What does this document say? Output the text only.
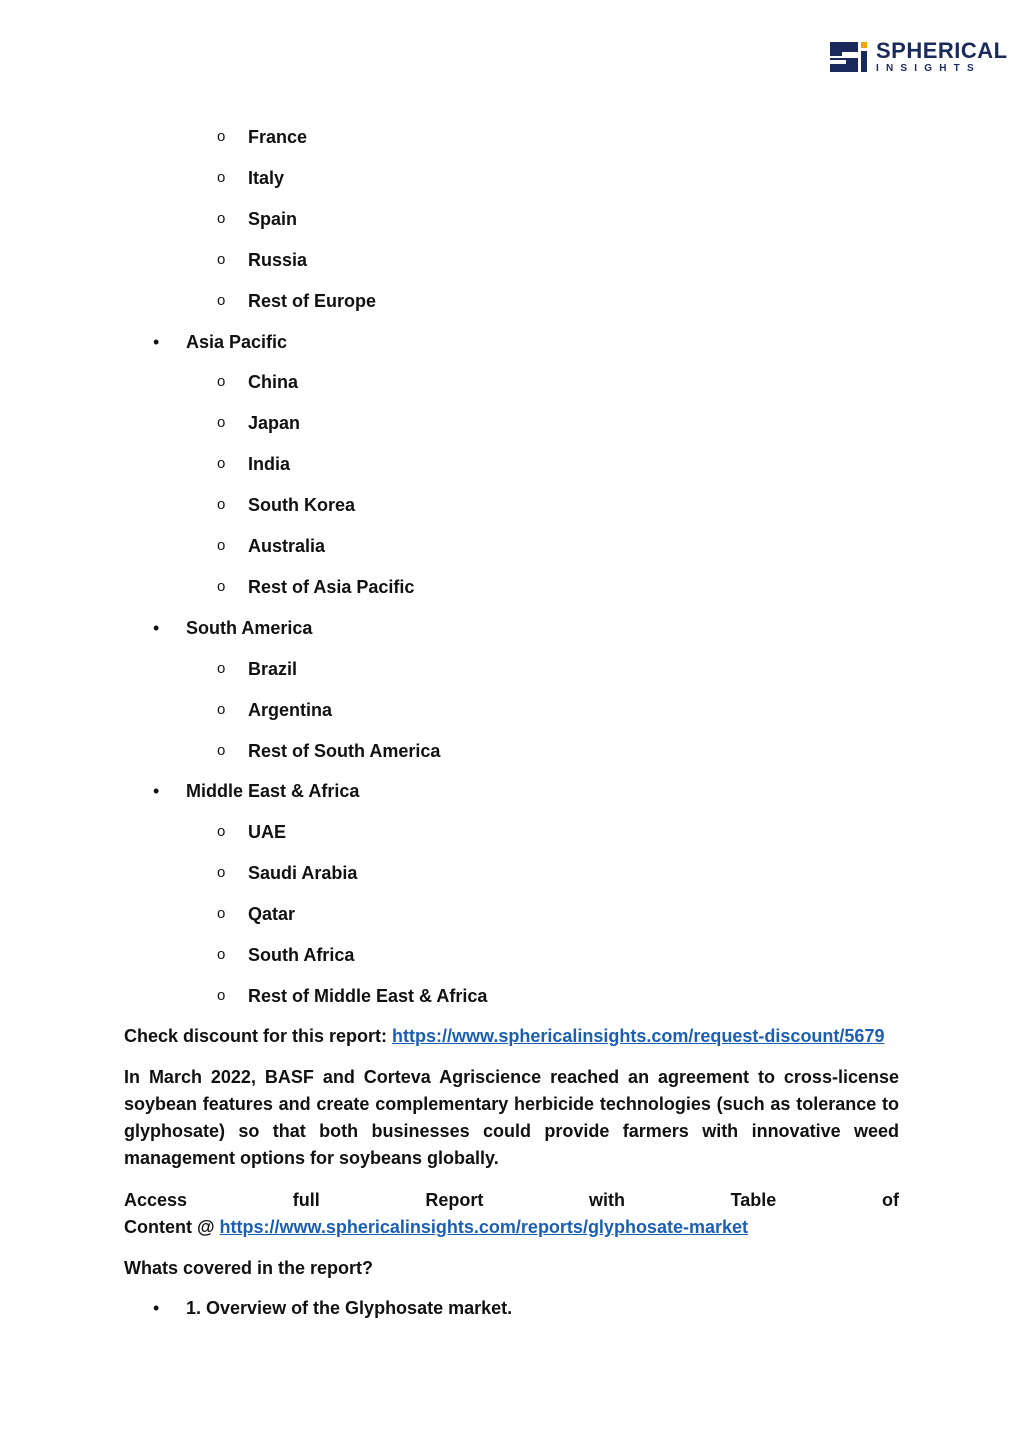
SPHERICAL
INSIGHTS
o France
o Italy
o Spain
o Russia
o Rest of Europe
• Asia Pacific
o China
o Japan
o India
o South Korea
o Australia
o Rest of Asia Pacific
• South America
o Brazil
o Argentina
o Rest of South America
• Middle East & Africa
o UAE
o Saudi Arabia
o Qatar
o South Africa
o Rest of Middle East & Africa
Check discount for this report: https://www.sphericalinsights.com/request-discount/5679
In March 2022, BASF and Corteva Agriscience reached an agreement to cross-license soybean features and create complementary herbicide technologies (such as tolerance to glyphosate) so that both businesses could provide farmers with innovative weed management options for soybeans globally.
Access	full	Report	with	Table	of
Content @ https://www.sphericalinsights.com/reports/glyphosate-market
Whats covered in the report?
• 1. Overview of the Glyphosate market.
